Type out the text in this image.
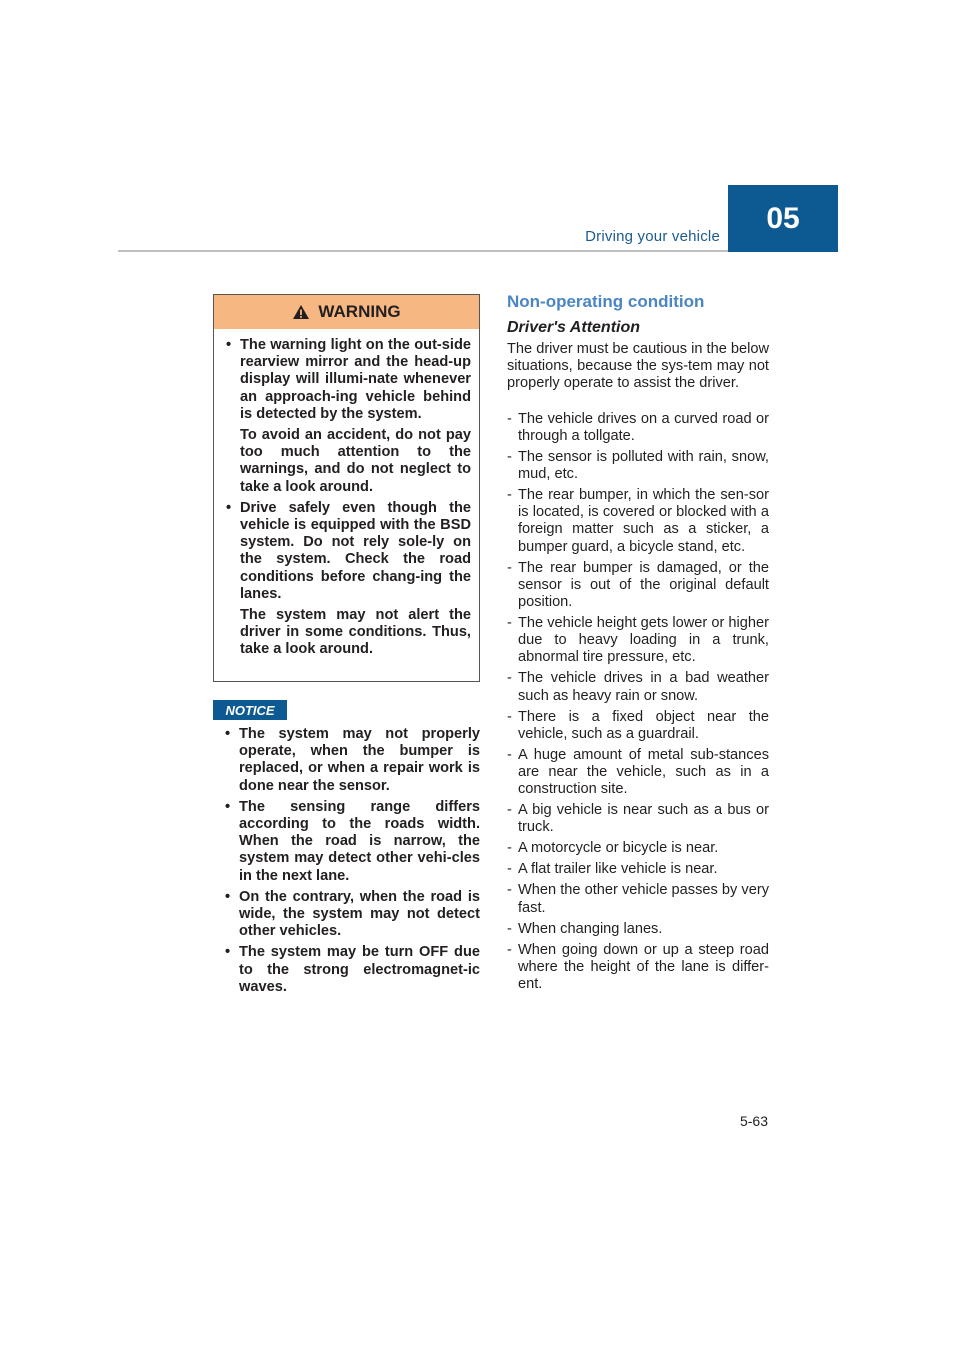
Driving your vehicle
05
WARNING
• The warning light on the out-side rearview mirror and the head-up display will illumi-nate whenever an approach-ing vehicle behind is detected by the system.

To avoid an accident, do not pay too much attention to the warnings, and do not neglect to take a look around.

• Drive safely even though the vehicle is equipped with the BSD system. Do not rely sole-ly on the system. Check the road conditions before chang-ing the lanes.

The system may not alert the driver in some conditions. Thus, take a look around.

NOTICE
• The system may not properly operate, when the bumper is replaced, or when a repair work is done near the sensor.

• The sensing range differs according to the roads width. When the road is narrow, the system may detect other vehi-cles in the next lane.

• On the contrary, when the road is wide, the system may not detect other vehicles.

• The system may be turn OFF due to the strong electromagnet-ic waves.

Non-operating condition
Driver's Attention

The driver must be cautious in the below situations, because the sys-tem may not properly operate to assist the driver.

- The vehicle drives on a curved road or through a tollgate.
- The sensor is polluted with rain, snow, mud, etc.
- The rear bumper, in which the sen-sor is located, is covered or blocked with a foreign matter such as a sticker, a bumper guard, a bicycle stand, etc.
- The rear bumper is damaged, or the sensor is out of the original default position.
- The vehicle height gets lower or higher due to heavy loading in a trunk, abnormal tire pressure, etc.
- The vehicle drives in a bad weather such as heavy rain or snow.
- There is a fixed object near the vehicle, such as a guardrail.
- A huge amount of metal sub-stances are near the vehicle, such as in a construction site.
- A big vehicle is near such as a bus or truck.
- A motorcycle or bicycle is near.
- A flat trailer like vehicle is near.
- When the other vehicle passes by very fast.
- When changing lanes.
- When going down or up a steep road where the height of the lane is differ-ent.
5-63
